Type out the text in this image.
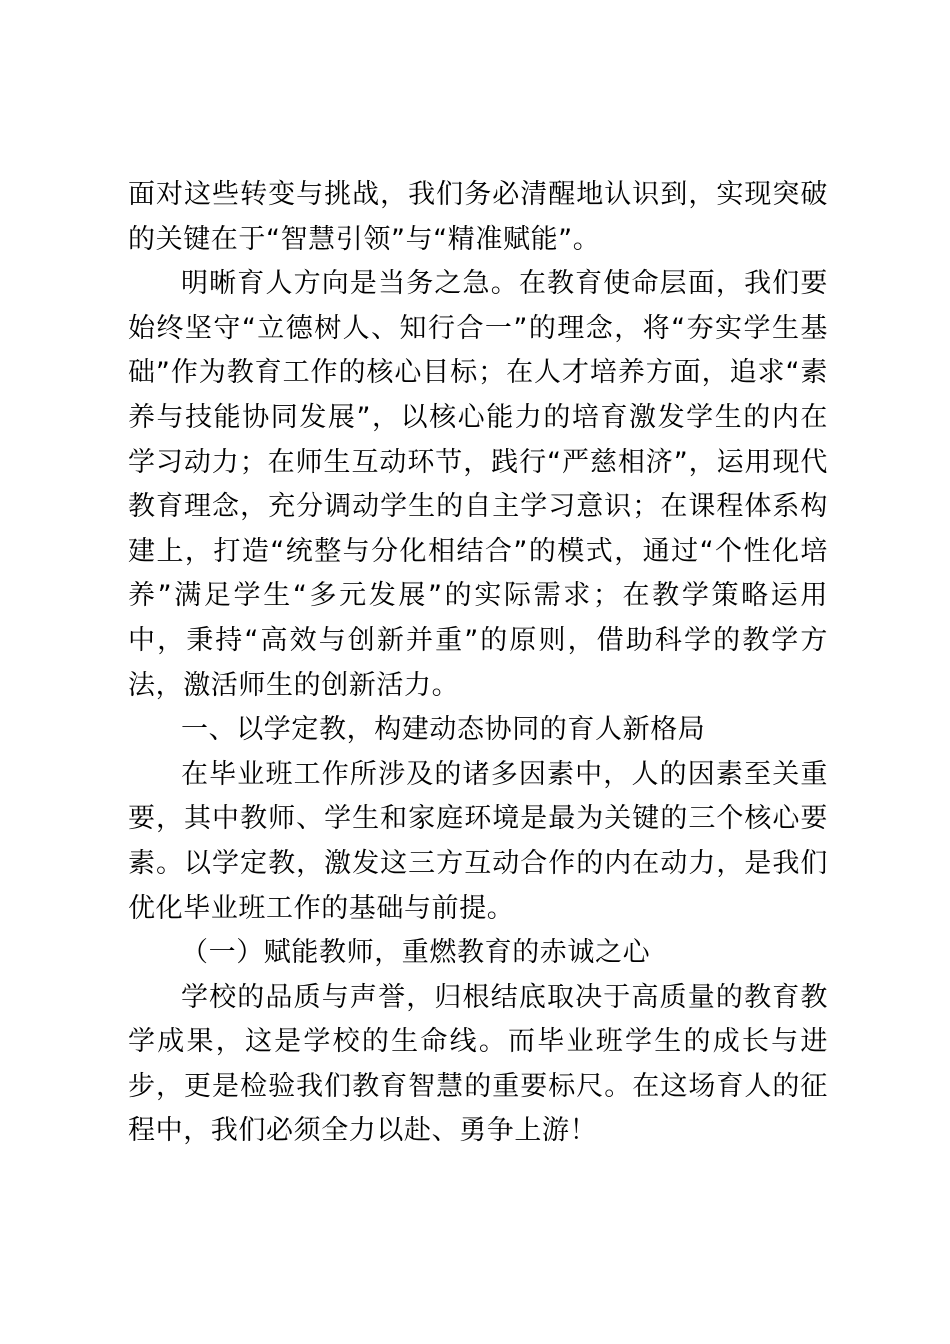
面对这些转变与挑战，我们务必清醒地认识到，实现突破的关键在于“智慧引领”与“精准赋能”。

明晰育人方向是当务之急。在教育使命层面，我们要始终坚守“立德树人、知行合一”的理念，将“夯实学生基础”作为教育工作的核心目标；在人才培养方面，追求“素养与技能协同发展”，以核心能力的培育激发学生的内在学习动力；在师生互动环节，践行“严慈相济”，运用现代教育理念，充分调动学生的自主学习意识；在课程体系构建上，打造“统整与分化相结合”的模式，通过“个性化培养”满足学生“多元发展”的实际需求；在教学策略运用中，秉持“高效与创新并重”的原则，借助科学的教学方法，激活师生的创新活力。

一、以学定教，构建动态协同的育人新格局

在毕业班工作所涉及的诸多因素中，人的因素至关重要，其中教师、学生和家庭环境是最为关键的三个核心要素。以学定教，激发这三方互动合作的内在动力，是我们优化毕业班工作的基础与前提。

（一）赋能教师，重燃教育的赤诚之心

学校的品质与声誉，归根结底取决于高质量的教育教学成果，这是学校的生命线。而毕业班学生的成长与进步，更是检验我们教育智慧的重要标尺。在这场育人的征程中，我们必须全力以赴、勇争上游！
